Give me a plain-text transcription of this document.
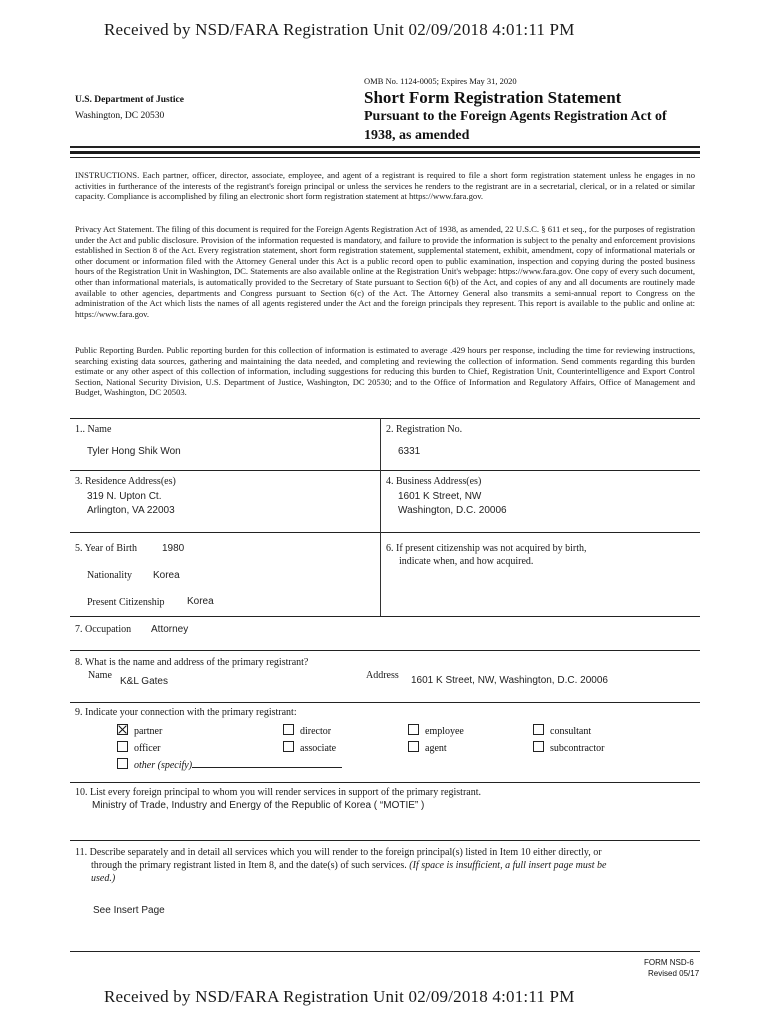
Received by NSD/FARA Registration Unit 02/09/2018 4:01:11 PM
OMB No. 1124-0005; Expires May 31, 2020
U.S. Department of Justice
Washington, DC 20530
Short Form Registration Statement
Pursuant to the Foreign Agents Registration Act of
1938, as amended
INSTRUCTIONS. Each partner, officer, director, associate, employee, and agent of a registrant is required to file a short form registration statement unless he engages in no activities in furtherance of the interests of the registrant's foreign principal or unless the services he renders to the registrant are in a secretarial, clerical, or in a related or similar capacity. Compliance is accomplished by filing an electronic short form registration statement at https://www.fara.gov.
Privacy Act Statement. The filing of this document is required for the Foreign Agents Registration Act of 1938, as amended, 22 U.S.C. § 611 et seq., for the purposes of registration under the Act and public disclosure. Provision of the information requested is mandatory, and failure to provide the information is subject to the penalty and enforcement provisions established in Section 8 of the Act. Every registration statement, short form registration statement, supplemental statement, exhibit, amendment, copy of informational materials or other document or information filed with the Attorney General under this Act is a public record open to public examination, inspection and copying during the posted business hours of the Registration Unit in Washington, DC. Statements are also available online at the Registration Unit's webpage: https://www.fara.gov. One copy of every such document, other than informational materials, is automatically provided to the Secretary of State pursuant to Section 6(b) of the Act, and copies of any and all documents are routinely made available to other agencies, departments and Congress pursuant to Section 6(c) of the Act. The Attorney General also transmits a semi-annual report to Congress on the administration of the Act which lists the names of all agents registered under the Act and the foreign principals they represent. This report is available to the public and online at: https://www.fara.gov.
Public Reporting Burden. Public reporting burden for this collection of information is estimated to average .429 hours per response, including the time for reviewing instructions, searching existing data sources, gathering and maintaining the data needed, and completing and reviewing the collection of information. Send comments regarding this burden estimate or any other aspect of this collection of information, including suggestions for reducing this burden to Chief, Registration Unit, Counterintelligence and Export Control Section, National Security Division, U.S. Department of Justice, Washington, DC 20530; and to the Office of Information and Regulatory Affairs, Office of Management and Budget, Washington, DC 20503.
1.. Name
Tyler Hong Shik Won
2. Registration No.
6331
3. Residence Address(es)
319 N. Upton Ct.
Arlington, VA 22003
4. Business Address(es)
1601 K Street, NW
Washington, D.C. 20006
5. Year of Birth	1980
Nationality Korea
Present Citizenship Korea
6. If present citizenship was not acquired by birth,
indicate when, and how acquired.
7. Occupation Attorney
8. What is the name and address of the primary registrant?
Name
K&L Gates
Address 1601 K Street, NW, Washington, D.C. 20006
9. Indicate your connection with the primary registrant:
partner	director	employee	consultant
officer	associate	agent	subcontractor
other (specify)
10. List every foreign principal to whom you will render services in support of the primary registrant.
Ministry of Trade, Industry and Energy of the Republic of Korea ( “MOTIE” )
11. Describe separately and in detail all services which you will render to the foreign principal(s) listed in Item 10 either directly, or
through the primary registrant listed in Item 8, and the date(s) of such services. (If space is insufficient, a full insert page must be
used.)
See Insert Page
FORM NSD-6
Revised 05/17
Received by NSD/FARA Registration Unit 02/09/2018 4:01:11 PM
